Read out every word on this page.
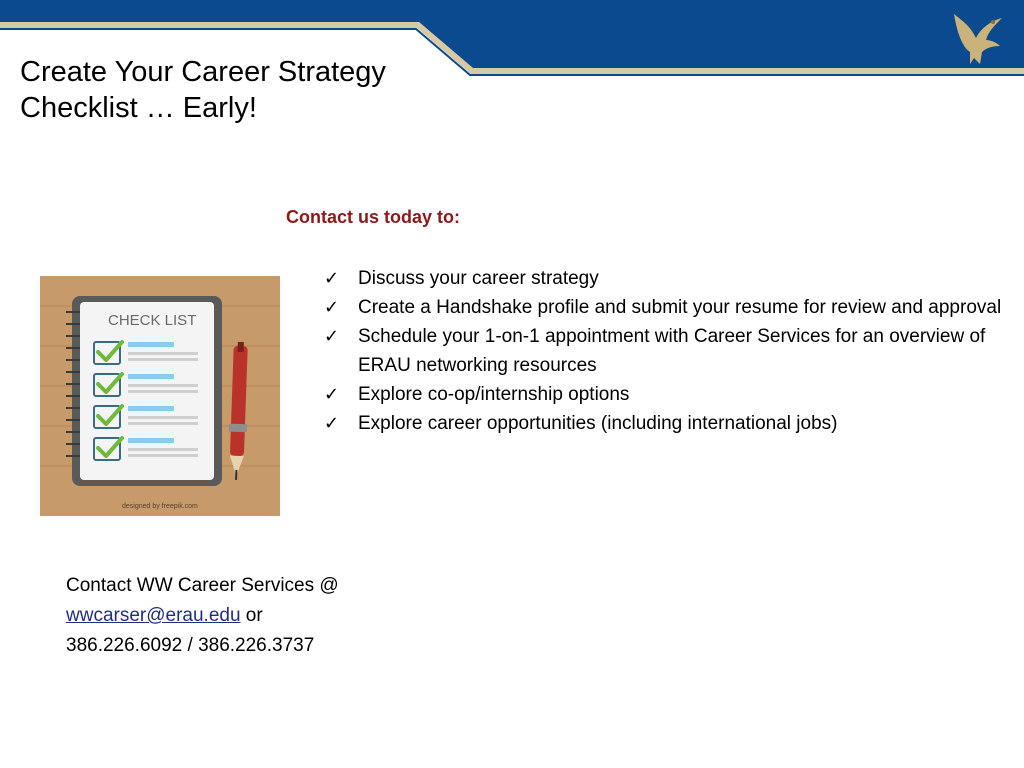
Create Your Career Strategy Checklist … Early!
Contact us today to:
✓ Discuss your career strategy
✓ Create a Handshake profile and submit your resume for review and approval
✓ Schedule your 1-on-1 appointment with Career Services for an overview of ERAU networking resources
✓ Explore co-op/internship options
✓ Explore career opportunities (including international jobs)
CHECK LIST
designed by freepik.com
Contact WW Career Services @
wwcarser@erau.edu or
386.226.6092 / 386.226.3737
